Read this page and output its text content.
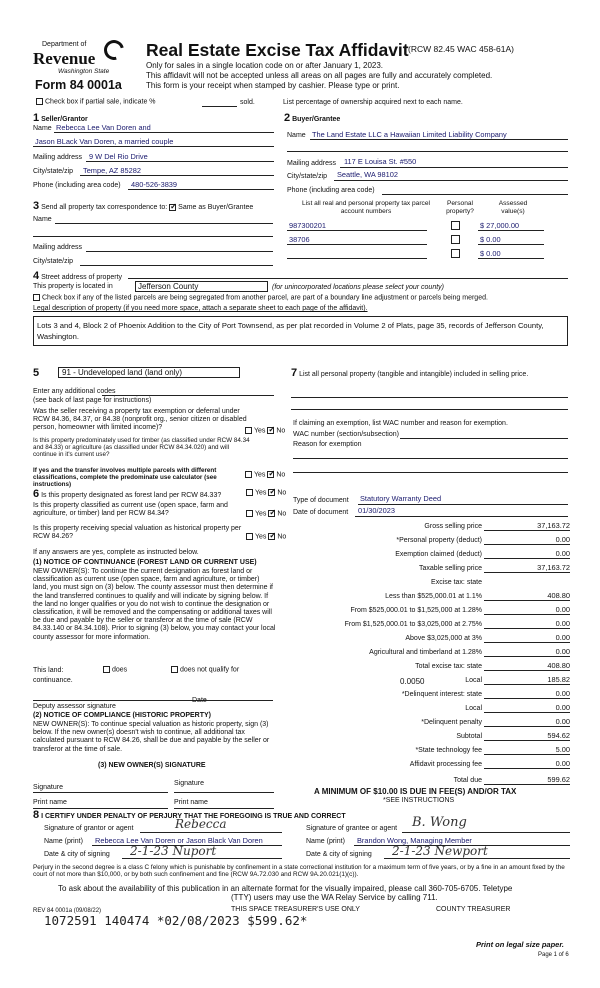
Department of
Revenue
Washington State
Form 84 0001a
Real Estate Excise Tax Affidavit (RCW 82.45 WAC 458-61A)
Only for sales in a single location code on or after January 1, 2023.
This affidavit will not be accepted unless all areas on all pages are fully and accurately completed.
This form is your receipt when stamped by cashier. Please type or print.
Check box if partial sale, indicate %	sold.	List percentage of ownership acquired next to each name.
1 Seller/Grantor
Name Rebecca Lee Van Doren and
Jason BLack Van Doren, a married couple
Mailing address 9 W Del Rio Drive
City/state/zip Tempe, AZ 85282
Phone (including area code) 480-526-3839
2 Buyer/Grantee
Name The Land Estate LLC a Hawaiian Limited Liability Company
Mailing address 117 E Louisa St. #550
City/state/zip Seattle, WA 98102
Phone (including area code)
3 Send all property tax correspondence to: ✓ Same as Buyer/Grantee
Name
Mailing address
City/state/zip
List all real and personal property tax parcel account numbers
Personal property?
Assessed value(s)
987300201	$ 27,000.00
38706	$ 0.00
$ 0.00
4 Street address of property
This property is located in	Jefferson County	(for unincorporated locations please select your county)
Check box if any of the listed parcels are being segregated from another parcel, are part of a boundary line adjustment or parcels being merged.
Legal description of property (if you need more space, attach a separate sheet to each page of the affidavit).
Lots 3 and 4, Block 2 of Phoenix Addition to the City of Port Townsend, as per plat recorded in Volume 2 of Plats, page 35, records of Jefferson County, Washington.
5	91 - Undeveloped land (land only)
Enter any additional codes
(see back of last page for instructions)
Was the seller receiving a property tax exemption or deferral under RCW 84.36, 84.37, or 84.38 (nonprofit org., senior citizen or disabled person, homeowner with limited income)?	Yes ✓ No
Is this property predominately used for timber (as classified under RCW 84.34 and 84.33) or agriculture (as classified under RCW 84.34.020) and will continue in it's current use?
If yes and the transfer involves multiple parcels with different classifications, complete the predominate use calculator (see instructions)
Yes ✓ No
6 Is this property designated as forest land per RCW 84.33?	Yes ✓ No
Is this property classified as current use (open space, farm and agriculture, or timber) land per RCW 84.34?	Yes ✓ No
Is this property receiving special valuation as historical property per RCW 84.26?	Yes ✓ No
If any answers are yes, complete as instructed below.
(1) NOTICE OF CONTINUANCE (FOREST LAND OR CURRENT USE)
NEW OWNER(S): To continue the current designation as forest land or classification as current use (open space, farm and agriculture, or timber) land, you must sign on (3) below. The county assessor must then determine if the land transferred continues to qualify and will indicate by signing below. If the land no longer qualifies or you do not wish to continue the designation or classification, it will be removed and the compensating or additional taxes will be due and payable by the seller or transferor at the time of sale (RCW 84.33.140 or 84.34.108). Prior to signing (3) below, you may contact your local county assessor for more information.
This land:	does	does not qualify for
continuance.
Deputy assessor signature
Date
(2) NOTICE OF COMPLIANCE (HISTORIC PROPERTY)
NEW OWNER(S): To continue special valuation as historic property, sign (3) below. If the new owner(s) doesn't wish to continue, all additional tax calculated pursuant to RCW 84.26, shall be due and payable by the seller or transferor at the time of sale.
(3) NEW OWNER(S) SIGNATURE
Signature
Signature
Print name	Print name
7 List all personal property (tangible and intangible) included in selling price.
If claiming an exemption, list WAC number and reason for exemption.
WAC number (section/subsection)
Reason for exemption
Type of document Statutory Warranty Deed
Date of document 01/30/2023
Gross selling price	37,163.72
*Personal property (deduct)	0.00
Exemption claimed (deduct)	0.00
Taxable selling price	37,163.72
Excise tax: state
Less than $525,000.01 at 1.1%	408.80
From $525,000.01 to $1,525,000 at 1.28%	0.00
From $1,525,000.01 to $3,025,000 at 2.75%	0.00
Above $3,025,000 at 3%	0.00
Agricultural and timberland at 1.28%	0.00
Total excise tax: state	408.80
0.0050	Local	185.82
*Delinquent interest: state	0.00
Local	0.00
*Delinquent penalty	0.00
Subtotal	594.62
*State technology fee	5.00
Affidavit processing fee	0.00
Total due	599.62
A MINIMUM OF $10.00 IS DUE IN FEE(S) AND/OR TAX
*SEE INSTRUCTIONS
8 I CERTIFY UNDER PENALTY OF PERJURY THAT THE FOREGOING IS TRUE AND CORRECT
Signature of grantor or agent	Rebecca
Name (print) Rebecca Lee Van Doren or Jason Black Van Doren
Date & city of signing 2-1-23 Nuport
Signature of grantee or agent B. Wong
Name (print) Brandon Wong, Managing Member
Date & city of signing 2-1-23 Newport
Perjury in the second degree is a class C felony which is punishable by confinement in a state correctional institution for a maximum term of five years, or by a fine in an amount fixed by the court of not more than $10,000, or by both such confinement and fine (RCW 9A.72.030 and RCW 9A.20.021(1)(c)).
To ask about the availability of this publication in an alternate format for the visually impaired, please call 360-705-6705. Teletype
(TTY) users may use the WA Relay Service by calling 711.
REV 84 0001a (09/08/22)	THIS SPACE TREASURER'S USE ONLY	COUNTY TREASURER
1072591 140474 *02/08/2023 $599.62*
Print on legal size paper.
Page 1 of 6
